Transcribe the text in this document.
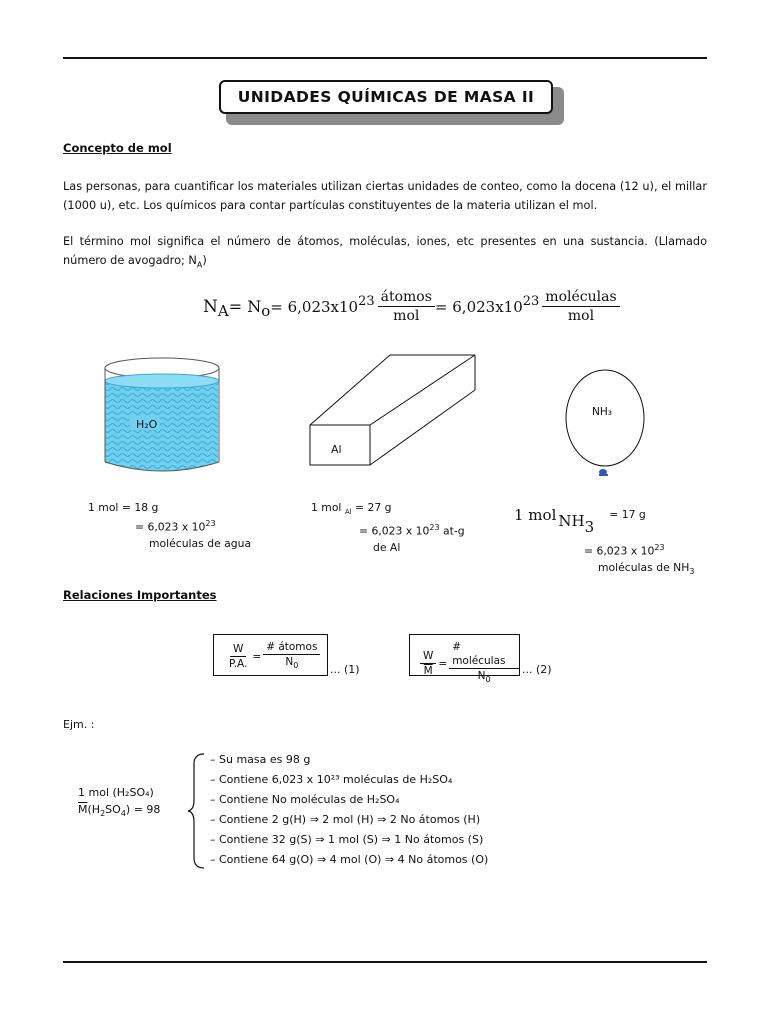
UNIDADES QUÍMICAS DE MASA II
Concepto de mol
Las personas, para cuantificar los materiales utilizan ciertas unidades de conteo, como la docena (12 u), el millar (1000 u), etc. Los químicos para contar partículas constituyentes de la materia utilizan el mol.
El término mol significa el número de átomos, moléculas, iones, etc presentes en una sustancia. (Llamado número de avogadro; $N_A$)
$N_A = N_o = 6,023x10^{23} \frac{\text{átomos}}{\text{mol}} = 6,023x10^{23} \frac{\text{moléculas}}{\text{mol}}$
H₂O
Al
NH₃
1 mol = 18 g
= 6,023 x $10^{23}$
moléculas de agua
1 mol $_{Al}$ = 27 g
= 6,023 x $10^{23}$ at-g
de Al
1 mol NH3 = 17 g
= 6,023 x $10^{23}$
moléculas de $NH_3$
Relaciones Importantes
$\frac{W}{P.A.} = \frac{\text{\# átomos}}{N_0}$ ... (1)	$\frac{W}{M} = \frac{\text{\# moléculas}}{N_0}$ ... (2)
Ejm. :
1 mol (H₂SO₄)
$\overline{M}(H_2SO_4) = 98$
– Su masa es 98 g
– Contiene 6,023 x 10²³ moléculas de H₂SO₄
– Contiene No moléculas de H₂SO₄
– Contiene 2 g(H) ⇒ 2 mol (H) ⇒ 2 No átomos (H)
– Contiene 32 g(S) ⇒ 1 mol (S) ⇒ 1 No átomos (S)
– Contiene 64 g(O) ⇒ 4 mol (O) ⇒ 4 No átomos (O)
